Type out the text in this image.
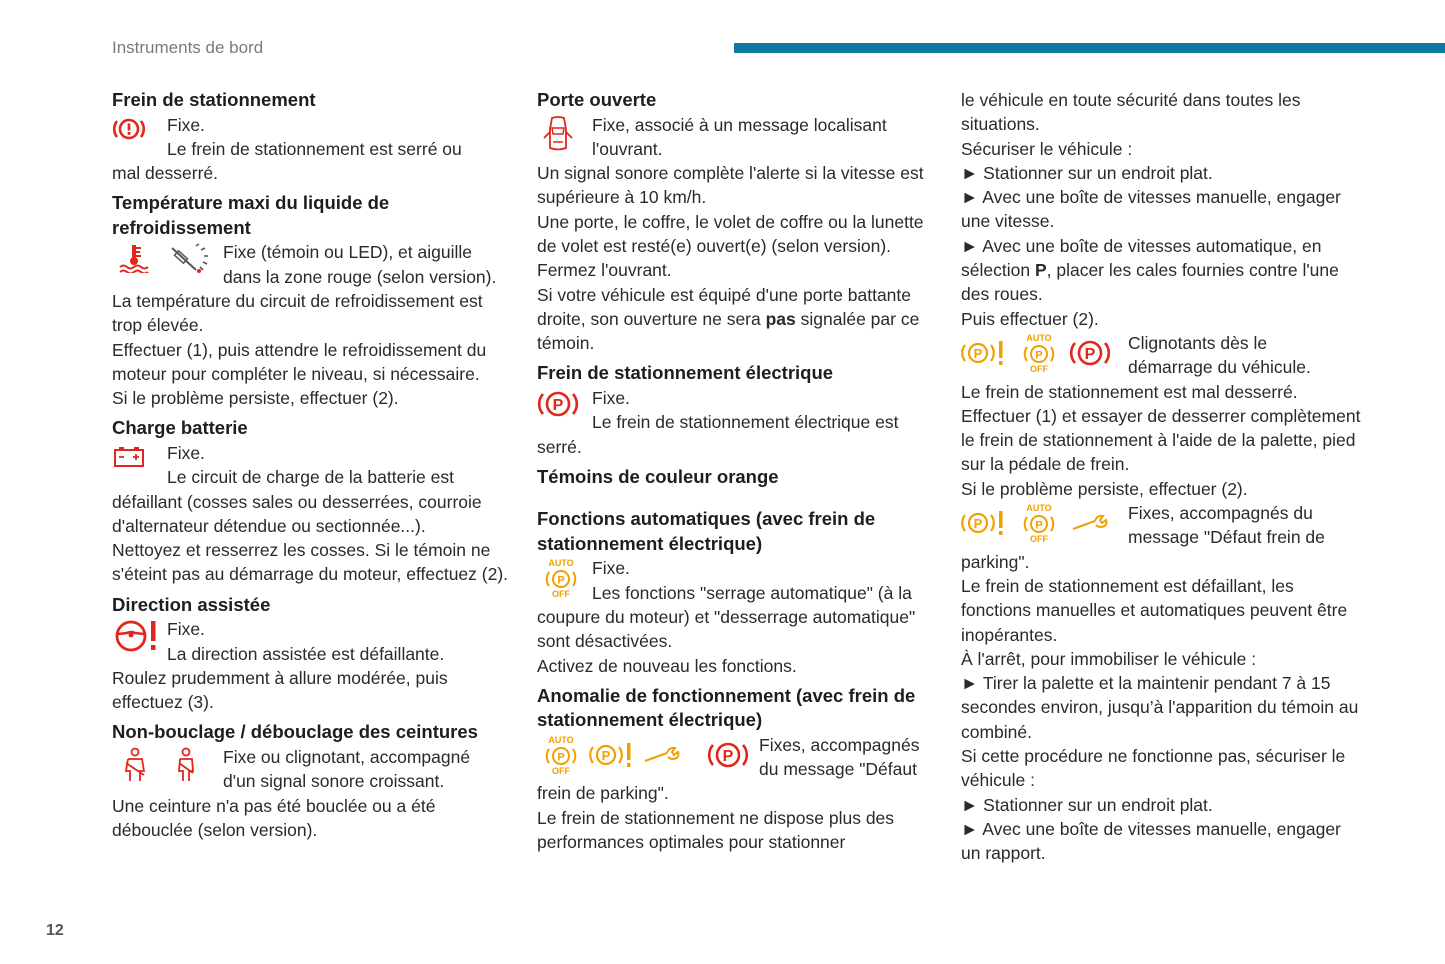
Instruments de bord
12
Frein de stationnement

Fixe.

Le frein de stationnement est serré ou

mal desserré.

Température maxi du liquide de refroidissement

Fixe (témoin ou LED), et aiguille

dans la zone rouge (selon version).

La température du circuit de refroidissement est trop élevée.

Effectuer (1), puis attendre le refroidissement du moteur pour compléter le niveau, si nécessaire.

Si le problème persiste, effectuer (2).

Charge batterie

Fixe.

Le circuit de charge de la batterie est

défaillant (cosses sales ou desserrées, courroie d'alternateur détendue ou sectionnée...).

Nettoyez et resserrez les cosses. Si le témoin ne s'éteint pas au démarrage du moteur, effectuez (2).

Direction assistée

Fixe.

La direction assistée est défaillante.

Roulez prudemment à allure modérée, puis effectuez (3).

Non-bouclage / débouclage des ceintures

Fixe ou clignotant, accompagné

d'un signal sonore croissant.

Une ceinture n'a pas été bouclée ou a été débouclée (selon version).

Porte ouverte

Fixe, associé à un message localisant

l'ouvrant.

Un signal sonore complète l'alerte si la vitesse est supérieure à 10 km/h.

Une porte, le coffre, le volet de coffre ou la lunette de volet est resté(e) ouvert(e) (selon version).

Fermez l'ouvrant.

Si votre véhicule est équipé d'une porte battante droite, son ouverture ne sera pas signalée par ce témoin.

Frein de stationnement électrique
P Fixe.

Le frein de stationnement électrique est

serré.

Témoins de couleur orange
Fonctions automatiques (avec frein de stationnement électrique)
AUTO
P
OFF

Fixe.

Les fonctions "serrage automatique" (à la

coupure du moteur) et "desserrage automatique" sont désactivées.

Activez de nouveau les fonctions.

Anomalie de fonctionnement (avec frein de stationnement électrique)
AUTO
P
OFF
P	P

Fixes, accompagnés

du message "Défaut

frein de parking".

Le frein de stationnement ne dispose plus des performances optimales pour stationner

le véhicule en toute sécurité dans toutes les situations.

Sécuriser le véhicule :

► Stationner sur un endroit plat.

► Avec une boîte de vitesses manuelle, engager une vitesse.

► Avec une boîte de vitesses automatique, en sélection P, placer les cales fournies contre l'une des roues.

Puis effectuer (2).

P
AUTO
P
OFF
P

Clignotants dès le

démarrage du véhicule.

Le frein de stationnement est mal desserré.

Effectuer (1) et essayer de desserrer complètement le frein de stationnement à l'aide de la palette, pied sur la pédale de frein.

Si le problème persiste, effectuer (2).

P
AUTO
P
OFF

Fixes, accompagnés du

message "Défaut frein de

parking".

Le frein de stationnement est défaillant, les fonctions manuelles et automatiques peuvent être inopérantes.

À l'arrêt, pour immobiliser le véhicule :

► Tirer la palette et la maintenir pendant 7 à 15 secondes environ, jusqu’à l'apparition du témoin au combiné.

Si cette procédure ne fonctionne pas, sécuriser le véhicule :

► Stationner sur un endroit plat.

► Avec une boîte de vitesses manuelle, engager un rapport.
